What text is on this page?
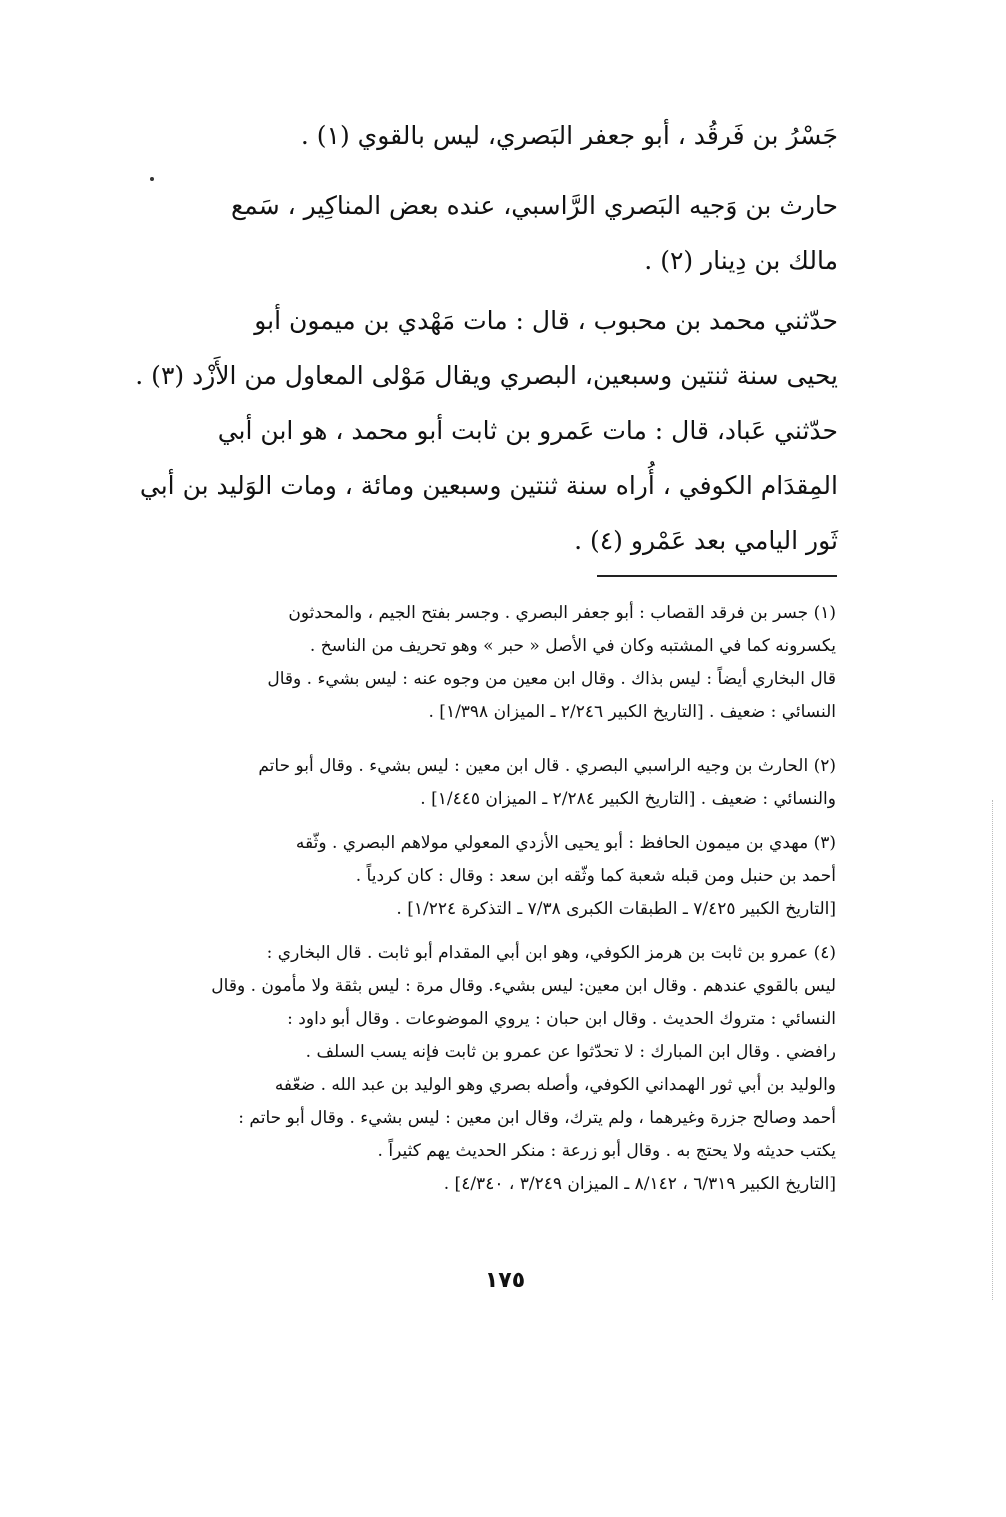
جَسْرُ بن فَرقُد ، أبو جعفر البَصري، ليس بالقوي (١) .
حارث بن وَجيه البَصري الرَّاسبي، عنده بعض المناكِير ، سَمع
مالك بن دِينار (٢) .
حدّثني محمد بن محبوب ، قال : مات مَهْدي بن ميمون أبو
يحيى سنة ثنتين وسبعين، البصري ويقال مَوْلى المعاول من الأَزْد (٣) .
حدّثني عَباد، قال : مات عَمرو بن ثابت أبو محمد ، هو ابن أبي
المِقدَام الكوفي ، أُراه سنة ثنتين وسبعين ومائة ، ومات الوَليد بن أبي
ثَور اليامي بعد عَمْرو (٤) .
(١) جسر بن فرقد القصاب : أبو جعفر البصري . وجسر بفتح الجيم ، والمحدثون
يكسرونه كما في المشتبه وكان في الأصل « حبر » وهو تحريف من الناسخ .
قال البخاري أيضاً : ليس بذاك . وقال ابن معين من وجوه عنه : ليس بشيء . وقال
النسائي : ضعيف . [التاريخ الكبير ٢/٢٤٦ ـ الميزان ١/٣٩٨] .
(٢) الحارث بن وجيه الراسبي البصري . قال ابن معين : ليس بشيء . وقال أبو حاتم
والنسائي : ضعيف . [التاريخ الكبير ٢/٢٨٤ ـ الميزان ١/٤٤٥] .
(٣) مهدي بن ميمون الحافظ : أبو يحيى الأزدي المعولي مولاهم البصري . وثّقه
أحمد بن حنبل ومن قبله شعبة كما وثّقه ابن سعد : وقال : كان كردياً .
[التاريخ الكبير ٧/٤٢٥ ـ الطبقات الكبرى ٧/٣٨ ـ التذكرة ١/٢٢٤] .
(٤) عمرو بن ثابت بن هرمز الكوفي، وهو ابن أبي المقدام أبو ثابت . قال البخاري :
ليس بالقوي عندهم . وقال ابن معين: ليس بشيء. وقال مرة : ليس بثقة ولا مأمون . وقال
النسائي : متروك الحديث . وقال ابن حبان : يروي الموضوعات . وقال أبو داود :
رافضي . وقال ابن المبارك : لا تحدّثوا عن عمرو بن ثابت فإنه يسب السلف .
والوليد بن أبي ثور الهمداني الكوفي، وأصله بصري وهو الوليد بن عبد الله . ضعّفه
أحمد وصالح جزرة وغيرهما ، ولم يترك، وقال ابن معين : ليس بشيء . وقال أبو حاتم :
يكتب حديثه ولا يحتج به . وقال أبو زرعة : منكر الحديث يهم كثيراً .
[التاريخ الكبير ٦/٣١٩ ، ٨/١٤٢ ـ الميزان ٣/٢٤٩ ، ٤/٣٤٠] .
١٧٥
